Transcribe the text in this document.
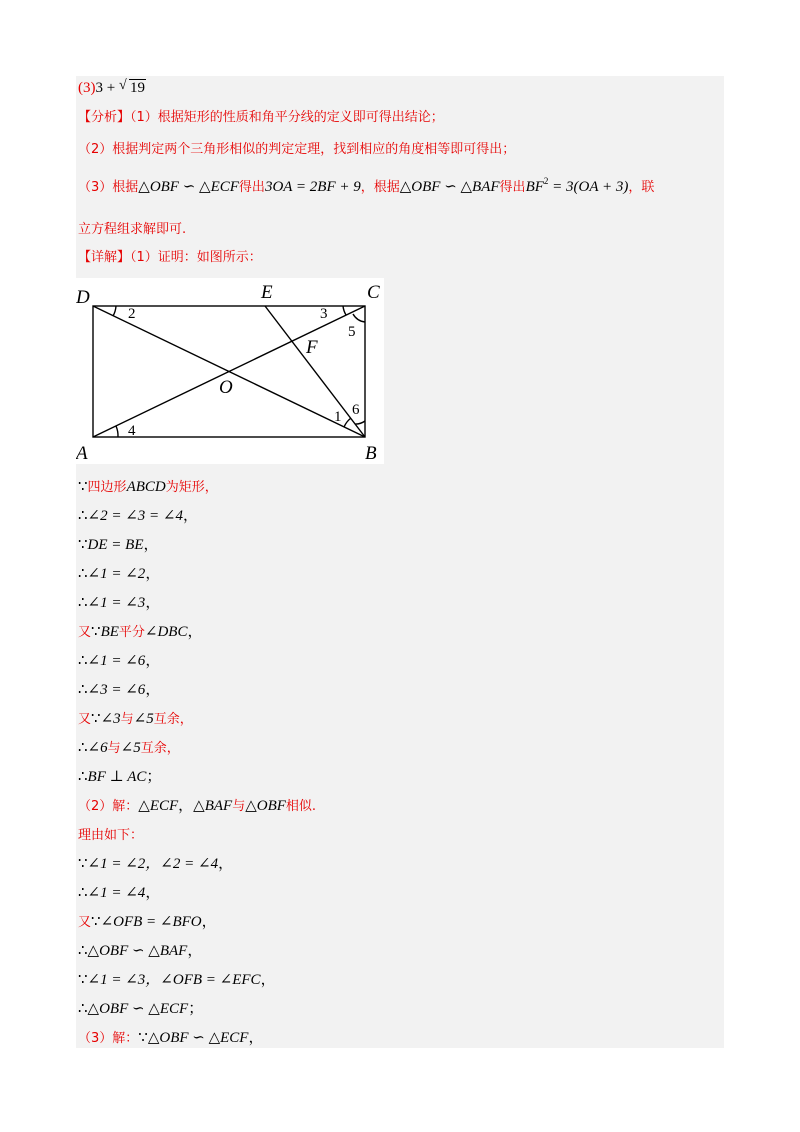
(3)3 + √ 19
【分析】（1）根据矩形的性质和角平分线的定义即可得出结论；
（2）根据判定两个三角形相似的判定定理，找到相应的角度相等即可得出；
（3）根据△OBF ∽ △ECF得出3OA = 2BF + 9，根据△OBF ∽ △BAF得出$BF^2 = 3(OA + 3)$，联
立方程组求解即可.
【详解】（1）证明：如图所示：
D	E	C
F
O
A	B
2	3
5
6
1
4
∵四边形ABCD为矩形，
∴∠2 = ∠3 = ∠4，
∵DE = BE，
∴∠1 = ∠2，
∴∠1 = ∠3，
又∵BE平分∠DBC，
∴∠1 = ∠6，
∴∠3 = ∠6，
又∵∠3与∠5互余，
∴∠6与∠5互余，
∴BF ⊥ AC；
（2）解：△ECF，△BAF与△OBF相似.
理由如下：
∵∠1 = ∠2，∠2 = ∠4，
∴∠1 = ∠4，
又∵∠OFB = ∠BFO，
∴△OBF ∽ △BAF，
∵∠1 = ∠3，∠OFB = ∠EFC，
∴△OBF ∽ △ECF；
（3）解：∵△OBF ∽ △ECF，
